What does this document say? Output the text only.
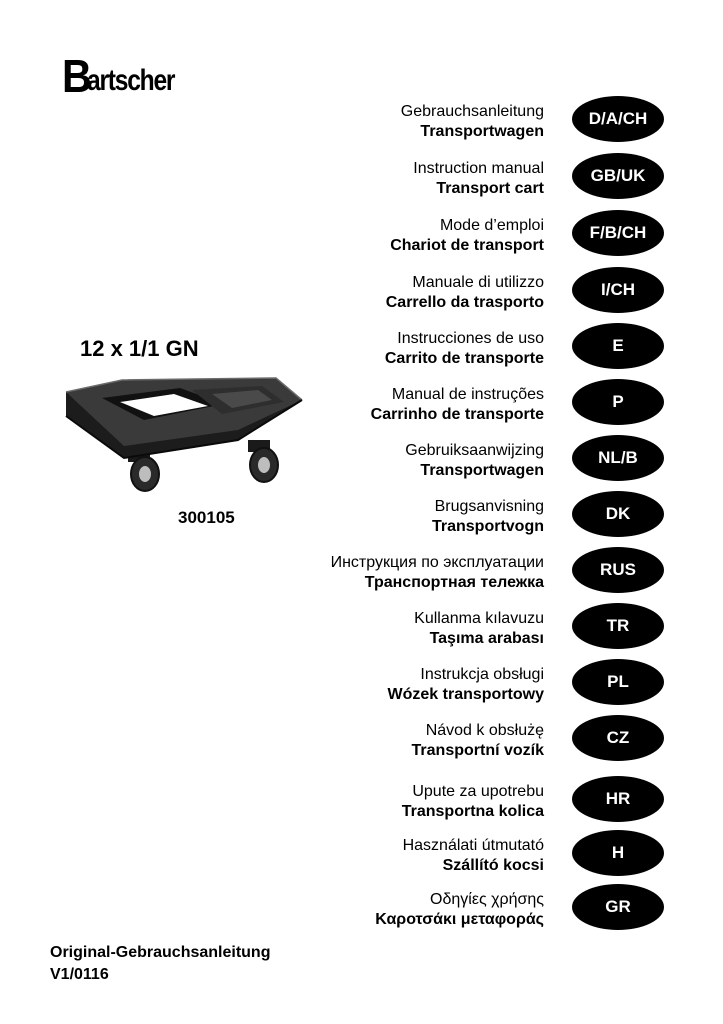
B
artscher
12 x 1/1 GN
300105
Gebrauchsanleitung
Transportwagen
D/A/CH
Instruction manual
Transport cart
GB/UK
Mode d’emploi
Chariot de transport
F/B/CH
Manuale di utilizzo
Carrello da trasporto
I/CH
Instrucciones de uso
Carrito de transporte
E
Manual de instruções
Carrinho de transporte
P
Gebruiksaanwijzing
Transportwagen
NL/B
Brugsanvisning
Transportvogn
DK
Инструкция по эксплуатации
Транспортная тележка
RUS
Kullanma kılavuzu
Taşıma arabası
TR
Instrukcja obsługi
Wózek transportowy
PL
Návod k obsłużę
Transportní vozík
CZ
Upute za upotrebu
Transportna kolica
HR
Használati útmutató
Szállító kocsi
H
Οδηγίες χρήσης
Καροτσάκι μεταφοράς
GR
Original-Gebrauchsanleitung
V1/0116
